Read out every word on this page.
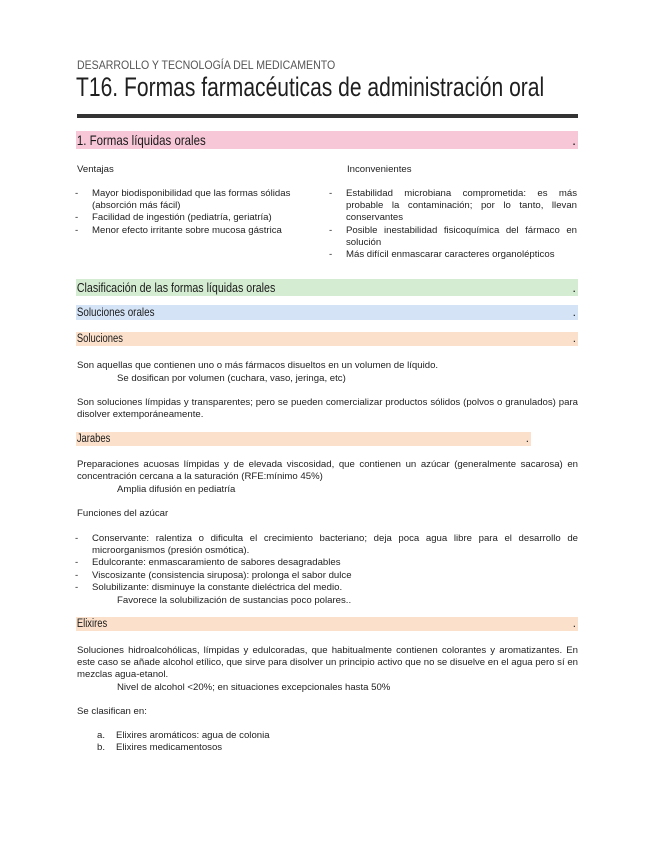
DESARROLLO Y TECNOLOGÍA DEL MEDICAMENTO
T16. Formas farmacéuticas de administración oral
1. Formas líquidas orales	.
Ventajas
- Mayor biodisponibilidad que las formas sólidas (absorción más fácil)
- Facilidad de ingestión (pediatría, geriatría)
- Menor efecto irritante sobre mucosa gástrica
Inconvenientes
- Estabilidad microbiana comprometida: es más probable la contaminación; por lo tanto, llevan conservantes
- Posible inestabilidad fisicoquímica del fármaco en solución
- Más difícil enmascarar caracteres organolépticos
Clasificación de las formas líquidas orales	.
Soluciones orales	.
Soluciones	.
Son aquellas que contienen uno o más fármacos disueltos en un volumen de líquido.
Se dosifican por volumen (cuchara, vaso, jeringa, etc)
Son soluciones límpidas y transparentes; pero se pueden comercializar productos sólidos (polvos o granulados) para disolver extemporáneamente.
Jarabes	.
Preparaciones acuosas límpidas y de elevada viscosidad, que contienen un azúcar (generalmente sacarosa) en concentración cercana a la saturación (RFE:mínimo 45%)
Amplia difusión en pediatría
Funciones del azúcar
- Conservante: ralentiza o dificulta el crecimiento bacteriano; deja poca agua libre para el desarrollo de microorganismos (presión osmótica).
- Edulcorante: enmascaramiento de sabores desagradables
- Viscosizante (consistencia siruposa): prolonga el sabor dulce
- Solubilizante: disminuye la constante dieléctrica del medio.
Favorece la solubilización de sustancias poco polares..
Elixires	.
Soluciones hidroalcohólicas, límpidas y edulcoradas, que habitualmente contienen colorantes y aromatizantes. En este caso se añade alcohol etílico, que sirve para disolver un principio activo que no se disuelve en el agua pero sí en mezclas agua-etanol.
Nivel de alcohol <20%; en situaciones excepcionales hasta 50%
Se clasifican en:
a. Elixires aromáticos: agua de colonia
b. Elixires medicamentosos
